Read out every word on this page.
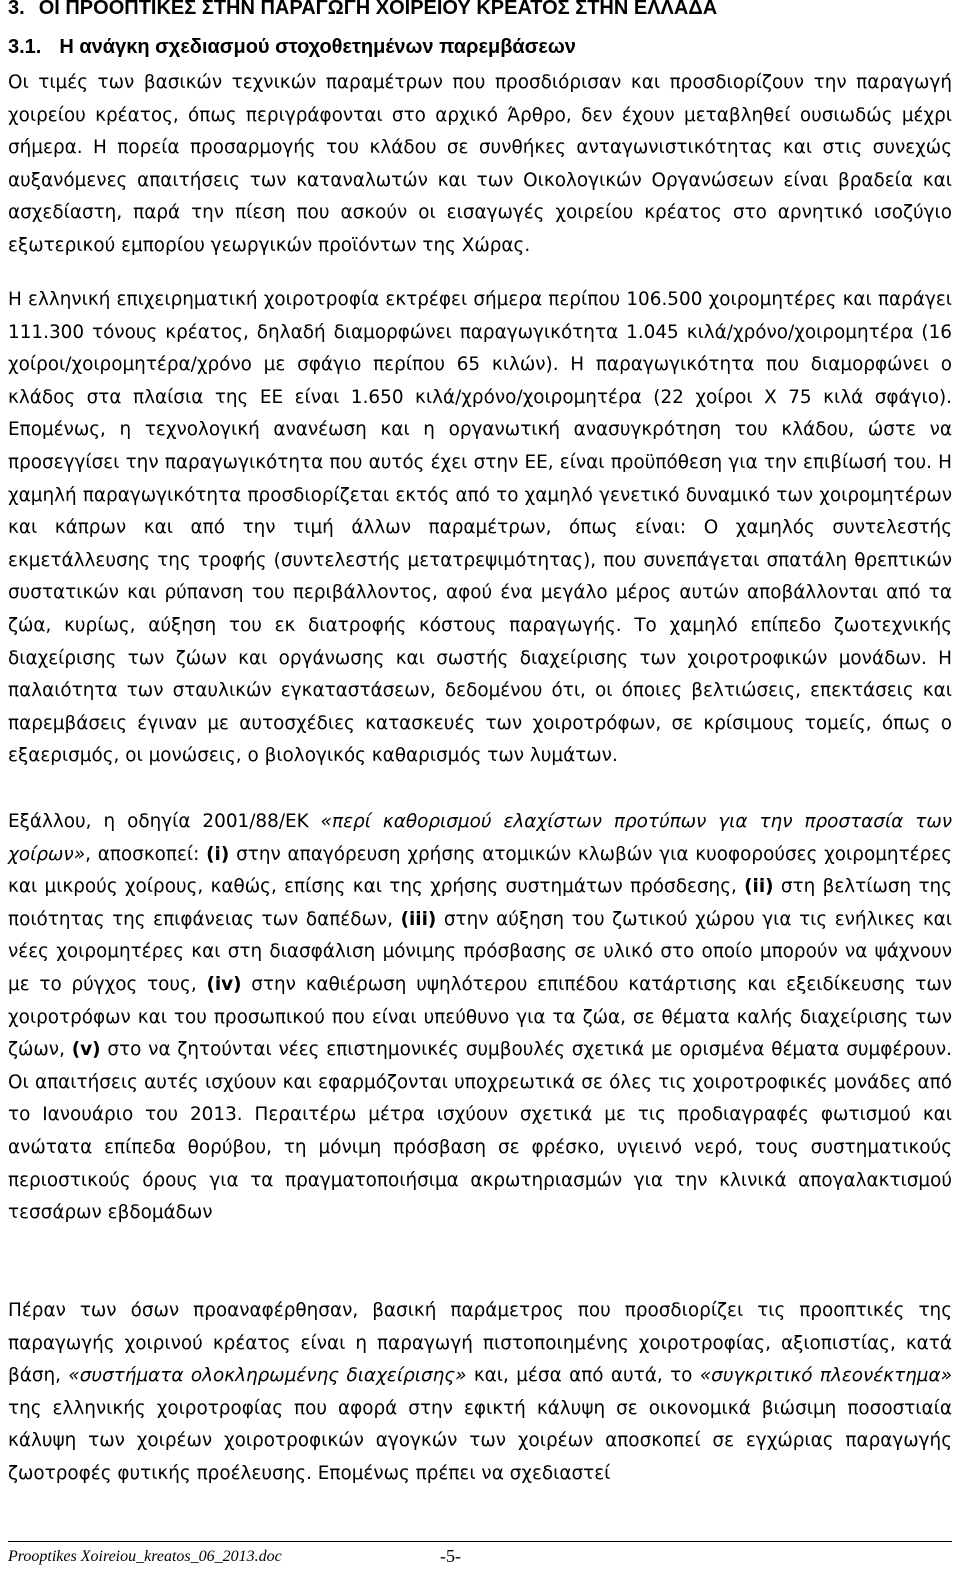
3. ΟΙ ΠΡΟΟΠΤΙΚΕΣ ΣΤΗΝ ΠΑΡΑΓΩΓΗ ΧΟΙΡΕΙΟΥ ΚΡΕΑΤΟΣ ΣΤΗΝ ΕΛΛΑΔΑ
3.1. Η ανάγκη σχεδιασμού στοχοθετημένων παρεμβάσεων

Οι τιμές των βασικών τεχνικών παραμέτρων που προσδιόρισαν και προσδιορίζουν την παραγωγή χοιρείου κρέατος, όπως περιγράφονται στο αρχικό Άρθρο, δεν έχουν μεταβληθεί ουσιωδώς μέχρι σήμερα. Η πορεία προσαρμογής του κλάδου σε συνθήκες ανταγωνιστικότητας και στις συνεχώς αυξανόμενες απαιτήσεις των καταναλωτών και των Οικολογικών Οργανώσεων είναι βραδεία και ασχεδίαστη, παρά την πίεση που ασκούν οι εισαγωγές χοιρείου κρέατος στο αρνητικό ισοζύγιο εξωτερικού εμπορίου γεωργικών προϊόντων της Χώρας.

Η ελληνική επιχειρηματική χοιροτροφία εκτρέφει σήμερα περίπου 106.500 χοιρομητέρες και παράγει 111.300 τόνους κρέατος, δηλαδή διαμορφώνει παραγωγικότητα 1.045 κιλά/χρόνο/χοιρομητέρα (16 χοίροι/χοιρομητέρα/χρόνο με σφάγιο περίπου 65 κιλών). Η παραγωγικότητα που διαμορφώνει ο κλάδος στα πλαίσια της ΕΕ είναι 1.650 κιλά/χρόνο/χοιρομητέρα (22 χοίροι Χ 75 κιλά σφάγιο). Επομένως, η τεχνολογική ανανέωση και η οργανωτική ανασυγκρότηση του κλάδου, ώστε να προσεγγίσει την παραγωγικότητα που αυτός έχει στην ΕΕ, είναι προϋπόθεση για την επιβίωσή του. Η χαμηλή παραγωγικότητα προσδιορίζεται εκτός από το χαμηλό γενετικό δυναμικό των χοιρομητέρων και κάπρων και από την τιμή άλλων παραμέτρων, όπως είναι: Ο χαμηλός συντελεστής εκμετάλλευσης της τροφής (συντελεστής μετατρεψιμότητας), που συνεπάγεται σπατάλη θρεπτικών συστατικών και ρύπανση του περιβάλλοντος, αφού ένα μεγάλο μέρος αυτών αποβάλλονται από τα ζώα, κυρίως, αύξηση του εκ διατροφής κόστους παραγωγής. Το χαμηλό επίπεδο ζωοτεχνικής διαχείρισης των ζώων και οργάνωσης και σωστής διαχείρισης των χοιροτροφικών μονάδων. Η παλαιότητα των σταυλικών εγκαταστάσεων, δεδομένου ότι, οι όποιες βελτιώσεις, επεκτάσεις και παρεμβάσεις έγιναν με αυτοσχέδιες κατασκευές των χοιροτρόφων, σε κρίσιμους τομείς, όπως ο εξαερισμός, οι μονώσεις, ο βιολογικός καθαρισμός των λυμάτων.

Εξάλλου, η οδηγία 2001/88/ΕΚ «περί καθορισμού ελαχίστων προτύπων για την προστασία των χοίρων», αποσκοπεί: (i) στην απαγόρευση χρήσης ατομικών κλωβών για κυοφορούσες χοιρομητέρες και μικρούς χοίρους, καθώς, επίσης και της χρήσης συστημάτων πρόσδεσης, (ii) στη βελτίωση της ποιότητας της επιφάνειας των δαπέδων, (iii) στην αύξηση του ζωτικού χώρου για τις ενήλικες και νέες χοιρομητέρες και στη διασφάλιση μόνιμης πρόσβασης σε υλικό στο οποίο μπορούν να ψάχνουν με το ρύγχος τους, (iv) στην καθιέρωση υψηλότερου επιπέδου κατάρτισης και εξειδίκευσης των χοιροτρόφων και του προσωπικού που είναι υπεύθυνο για τα ζώα, σε θέματα καλής διαχείρισης των ζώων, (v) στο να ζητούνται νέες επιστημονικές συμβουλές σχετικά με ορισμένα θέματα συμφέρουν. Οι απαιτήσεις αυτές ισχύουν και εφαρμόζονται υποχρεωτικά σε όλες τις χοιροτροφικές μονάδες από το Ιανουάριο του 2013. Περαιτέρω μέτρα ισχύουν σχετικά με τις προδιαγραφές φωτισμού και ανώτατα επίπεδα θορύβου, τη μόνιμη πρόσβαση σε φρέσκο, υγιεινό νερό, τους συστηματικούς περιοστικούς όρους για τα πραγματοποιήσιμα ακρωτηριασμών για την κλινικά απογαλακτισμού τεσσάρων εβδομάδων

Πέραν των όσων προαναφέρθησαν, βασική παράμετρος που προσδιορίζει τις προοπτικές της παραγωγής χοιρινού κρέατος είναι η παραγωγή πιστοποιημένης χοιροτροφίας, αξιοπιστίας, κατά βάση, «συστήματα ολοκληρωμένης διαχείρισης» και, μέσα από αυτά, το «συγκριτικό πλεονέκτημα» της ελληνικής χοιροτροφίας που αφορά στην εφικτή κάλυψη σε οικονομικά βιώσιμη ποσοστιαία κάλυψη των χοιρέων χοιροτροφικών αγογκών των χοιρέων αποσκοπεί σε εγχώριας παραγωγής ζωοτροφές φυτικής προέλευσης. Επομένως πρέπει να σχεδιαστεί

Prooptikes Xoireiou_kreatos_06_2013.doc	-5-
